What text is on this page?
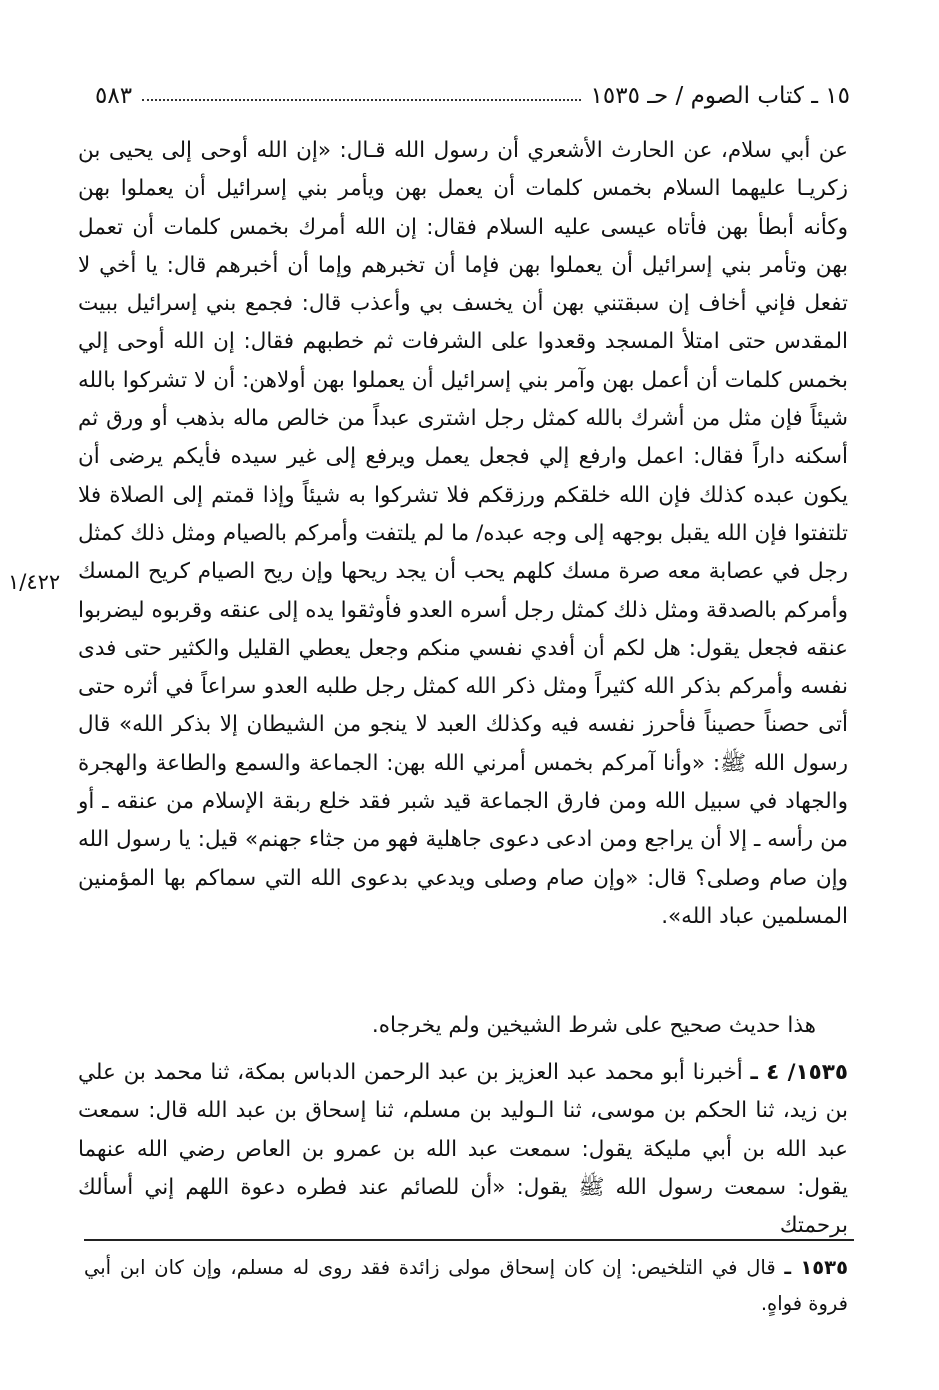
١٥ ـ كتاب الصوم / حـ ١٥٣٥
٥٨٣

عن أبي سلام، عن الحارث الأشعري أن رسول الله قـال: «إن الله أوحى إلى يحيى بن زكريـا عليهما السلام بخمس كلمات أن يعمل بهن ويأمر بني إسرائيل أن يعملوا بهن وكأنه أبطأ بهن فأتاه عيسى عليه السلام فقال: إن الله أمرك بخمس كلمات أن تعمل بهن وتأمر بني إسرائيل أن يعملوا بهن فإما أن تخبرهم وإما أن أخبرهم قال: يا أخي لا تفعل فإني أخاف إن سبقتني بهن أن يخسف بي وأعذب قال: فجمع بني إسرائيل ببيت المقدس حتى امتلأ المسجد وقعدوا على الشرفات ثم خطبهم فقال: إن الله أوحى إلي بخمس كلمات أن أعمل بهن وآمر بني إسرائيل أن يعملوا بهن أولاهن: أن لا تشركوا بالله شيئاً فإن مثل من أشرك بالله كمثل رجل اشترى عبداً من خالص ماله بذهب أو ورق ثم أسكنه داراً فقال: اعمل وارفع إلي فجعل يعمل ويرفع إلى غير سيده فأيكم يرضى أن يكون عبده كذلك فإن الله خلقكم ورزقكم فلا تشركوا به شيئاً وإذا قمتم إلى الصلاة فلا تلتفتوا فإن الله يقبل بوجهه إلى وجه عبده/ ما لم يلتفت وأمركم بالصيام ومثل ذلك كمثل رجل في عصابة معه صرة مسك كلهم يحب أن يجد ريحها وإن ريح الصيام كريح المسك وأمركم بالصدقة ومثل ذلك كمثل رجل أسره العدو فأوثقوا يده إلى عنقه وقربوه ليضربوا عنقه فجعل يقول: هل لكم أن أفدي نفسي منكم وجعل يعطي القليل والكثير حتى فدى نفسه وأمركم بذكر الله كثيراً ومثل ذكر الله كمثل رجل طلبه العدو سراعاً في أثره حتى أتى حصناً حصيناً فأحرز نفسه فيه وكذلك العبد لا ينجو من الشيطان إلا بذكر الله» قال رسول الله ﷺ: «وأنا آمركم بخمس أمرني الله بهن: الجماعة والسمع والطاعة والهجرة والجهاد في سبيل الله ومن فارق الجماعة قيد شبر فقد خلع ربقة الإسلام من عنقه ـ أو من رأسه ـ إلا أن يراجع ومن ادعى دعوى جاهلية فهو من جثاء جهنم» قيل: يا رسول الله وإن صام وصلى؟ قال: «وإن صام وصلى ويدعي بدعوى الله التي سماكم بها المؤمنين المسلمين عباد الله».

١/٤٢٢
هذا حديث صحيح على شرط الشيخين ولم يخرجاه.
١٥٣٥/ ٤ ـ أخبرنا أبو محمد عبد العزيز بن عبد الرحمن الدباس بمكة، ثنا محمد بن علي بن زيد، ثنا الحكم بن موسى، ثنا الـوليد بن مسلم، ثنا إسحاق بن عبد الله قال: سمعت عبد الله بن أبي مليكة يقول: سمعت عبد الله بن عمرو بن العاص رضي الله عنهما يقول: سمعت رسول الله ﷺ يقول: «أن للصائم عند فطره دعوة اللهم إني أسألك برحمتك
١٥٣٥ ـ قال في التلخيص: إن كان إسحاق مولى زائدة فقد روى له مسلم، وإن كان ابن أبي فروة فواهٍ.
